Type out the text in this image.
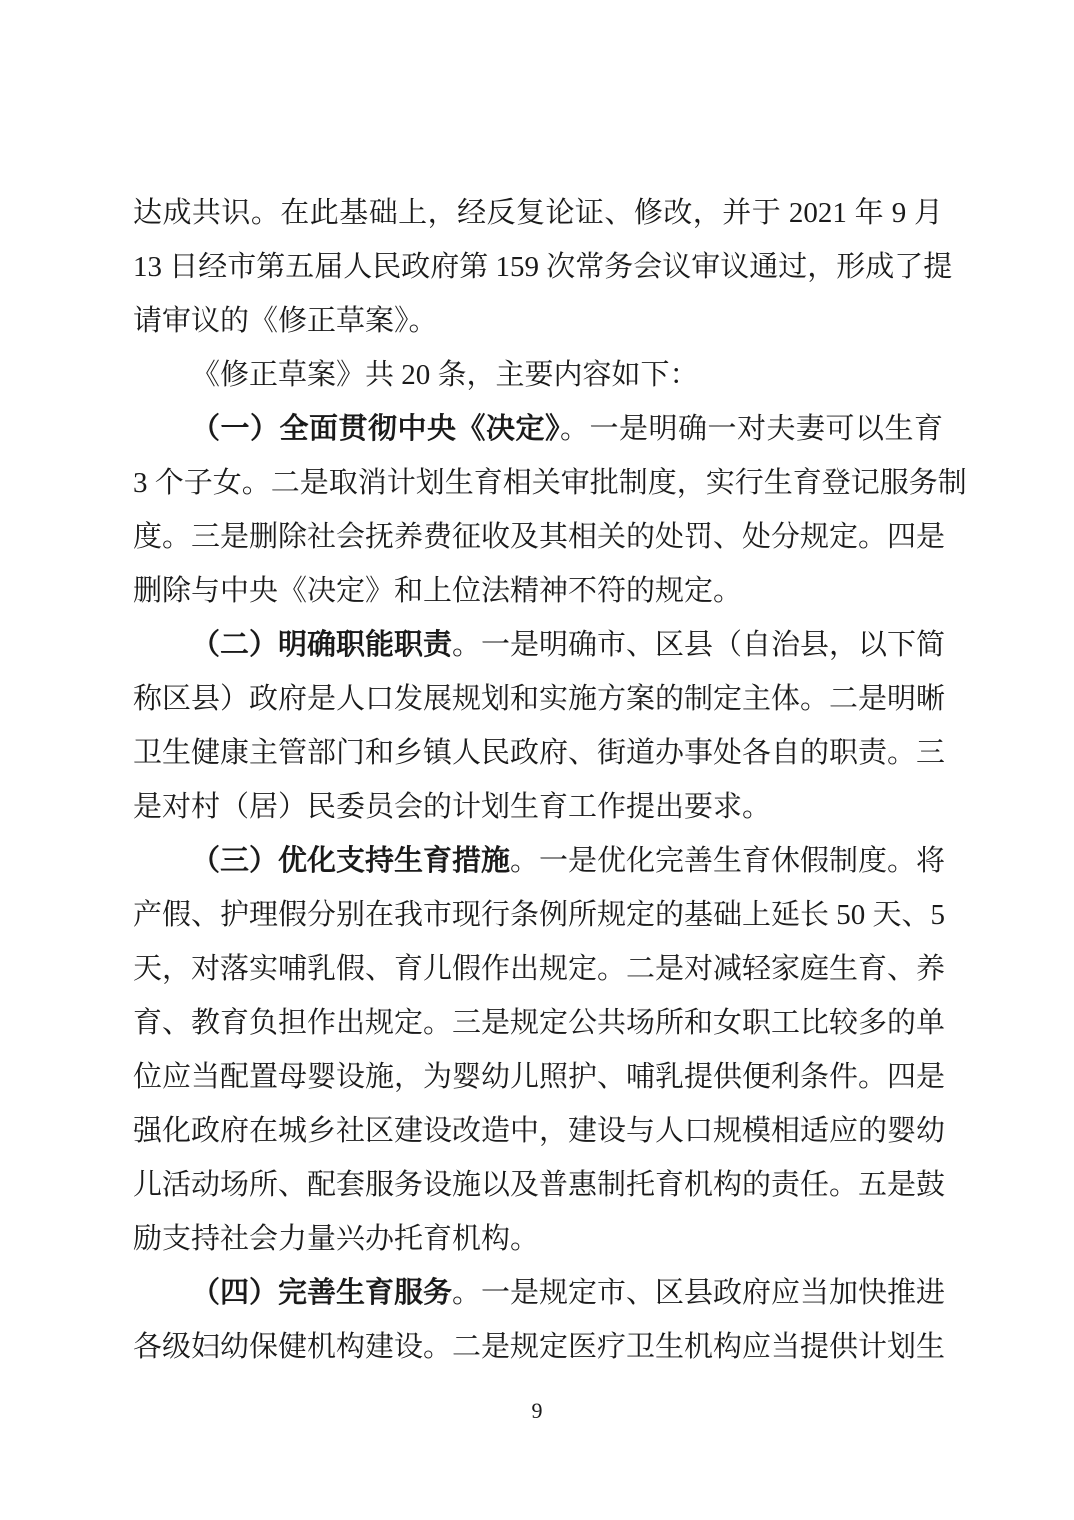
达成共识。在此基础上，经反复论证、修改，并于 2021 年 9 月
13 日经市第五届人民政府第 159 次常务会议审议通过，形成了提
请审议的《修正草案》。
《修正草案》共 20 条，主要内容如下：
（一）全面贯彻中央《决定》。一是明确一对夫妻可以生育
3 个子女。二是取消计划生育相关审批制度，实行生育登记服务制
度。三是删除社会抚养费征收及其相关的处罚、处分规定。四是
删除与中央《决定》和上位法精神不符的规定。
（二）明确职能职责。一是明确市、区县（自治县，以下简
称区县）政府是人口发展规划和实施方案的制定主体。二是明晰
卫生健康主管部门和乡镇人民政府、街道办事处各自的职责。三
是对村（居）民委员会的计划生育工作提出要求。
（三）优化支持生育措施。一是优化完善生育休假制度。将
产假、护理假分别在我市现行条例所规定的基础上延长 50 天、5
天，对落实哺乳假、育儿假作出规定。二是对减轻家庭生育、养
育、教育负担作出规定。三是规定公共场所和女职工比较多的单
位应当配置母婴设施，为婴幼儿照护、哺乳提供便利条件。四是
强化政府在城乡社区建设改造中，建设与人口规模相适应的婴幼
儿活动场所、配套服务设施以及普惠制托育机构的责任。五是鼓
励支持社会力量兴办托育机构。
（四）完善生育服务。一是规定市、区县政府应当加快推进
各级妇幼保健机构建设。二是规定医疗卫生机构应当提供计划生
9
